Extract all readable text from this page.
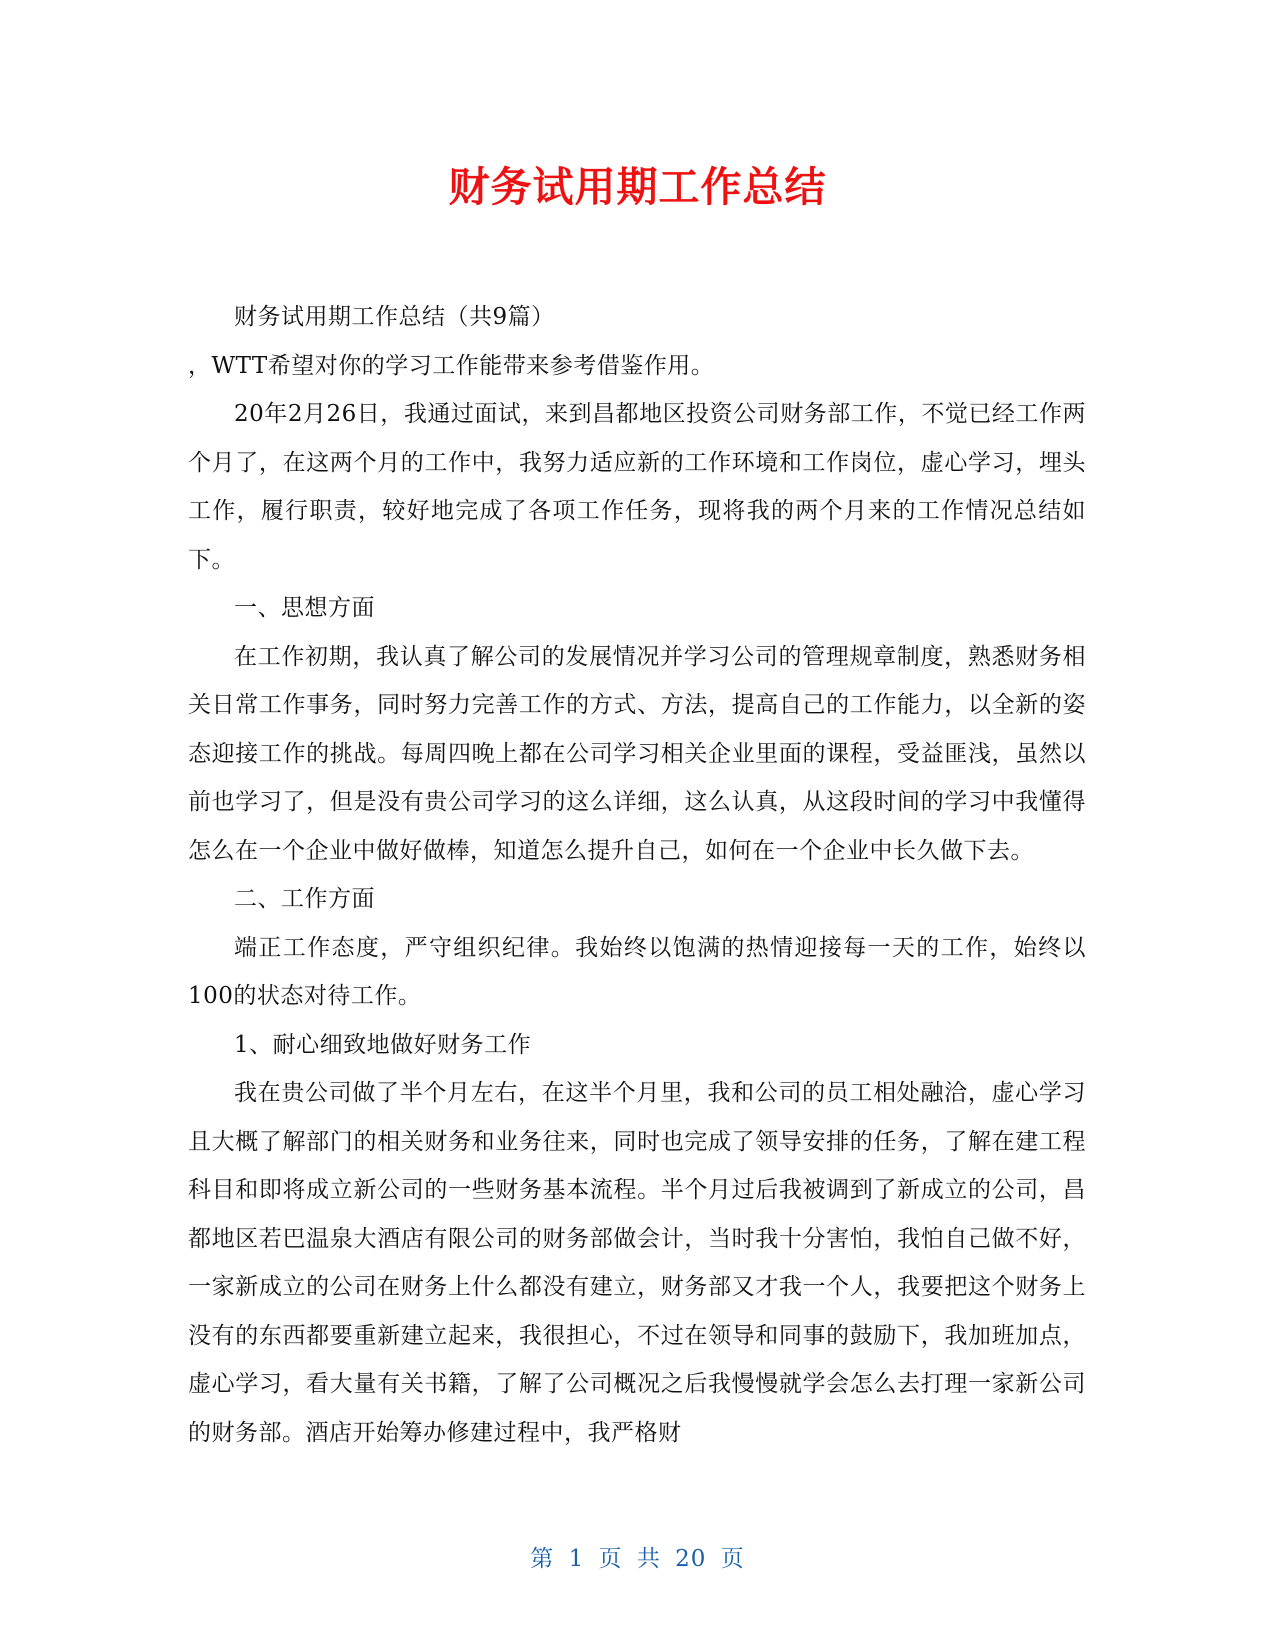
财务试用期工作总结

财务试用期工作总结（共9篇）

，WTT希望对你的学习工作能带来参考借鉴作用。

20年2月26日，我通过面试，来到昌都地区投资公司财务部工作，不觉已经工作两个月了，在这两个月的工作中，我努力适应新的工作环境和工作岗位，虚心学习，埋头工作，履行职责，较好地完成了各项工作任务，现将我的两个月来的工作情况总结如下。

一、思想方面

在工作初期，我认真了解公司的发展情况并学习公司的管理规章制度，熟悉财务相关日常工作事务，同时努力完善工作的方式、方法，提高自己的工作能力，以全新的姿态迎接工作的挑战。每周四晚上都在公司学习相关企业里面的课程，受益匪浅，虽然以前也学习了，但是没有贵公司学习的这么详细，这么认真，从这段时间的学习中我懂得怎么在一个企业中做好做棒，知道怎么提升自己，如何在一个企业中长久做下去。

二、工作方面

端正工作态度，严守组织纪律。我始终以饱满的热情迎接每一天的工作，始终以100的状态对待工作。

1、耐心细致地做好财务工作

我在贵公司做了半个月左右，在这半个月里，我和公司的员工相处融洽，虚心学习且大概了解部门的相关财务和业务往来，同时也完成了领导安排的任务，了解在建工程科目和即将成立新公司的一些财务基本流程。半个月过后我被调到了新成立的公司，昌都地区若巴温泉大酒店有限公司的财务部做会计，当时我十分害怕，我怕自己做不好，一家新成立的公司在财务上什么都没有建立，财务部又才我一个人，我要把这个财务上没有的东西都要重新建立起来，我很担心，不过在领导和同事的鼓励下，我加班加点，虚心学习，看大量有关书籍，了解了公司概况之后我慢慢就学会怎么去打理一家新公司的财务部。酒店开始筹办修建过程中，我严格财

第 1 页 共 20 页
